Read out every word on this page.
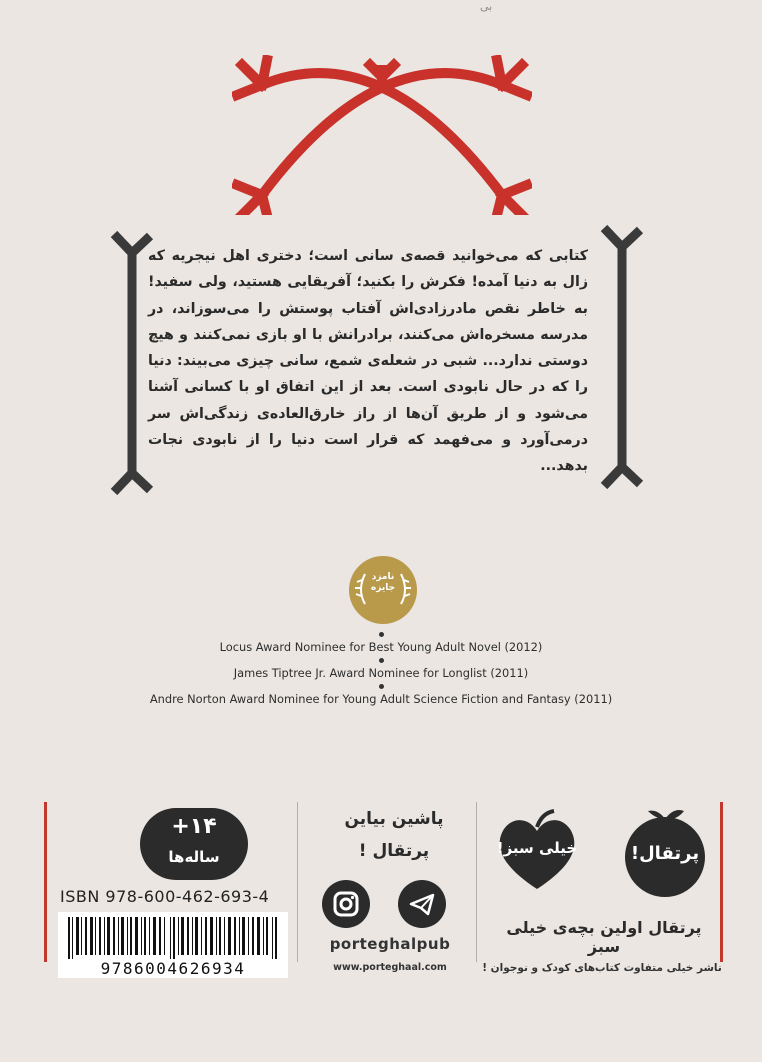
بی
کتابی که می‌خوانید قصه‌ی سانی است؛ دختری اهل نیجریه که زال به دنیا آمده! فکرش را بکنید؛ آفریقایی هستید، ولی سفید! به خاطر نقص مادرزادی‌اش آفتاب پوستش را می‌سوزاند، در مدرسه مسخره‌اش می‌کنند، برادرانش با او بازی نمی‌کنند و هیچ دوستی ندارد... شبی در شعله‌ی شمع، سانی چیزی می‌بیند: دنیا را که در حال نابودی است. بعد از این اتفاق او با کسانی آشنا می‌شود و از طریق آن‌ها از راز خارق‌العاده‌ی زندگی‌اش سر درمی‌آورد و می‌فهمد که قرار است دنیا را از نابودی نجات بدهد...
نامزد
جایزه
Locus Award Nominee for Best Young Adult Novel (2012)
James Tiptree Jr. Award Nominee for Longlist (2011)
Andre Norton Award Nominee for Young Adult Science Fiction and Fantasy (2011)
+۱۴
ساله‌ها
ISBN 978-600-462-693-4
9786004626934
پاشین بیاین
پرتقال !
porteghalpub
www.porteghaal.com
خیلی سبز!	پرتقال!
پرتقال اولین بچه‌ی خیلی سبز
ناشر خیلی متفاوت کتاب‌های کودک و نوجوان !
